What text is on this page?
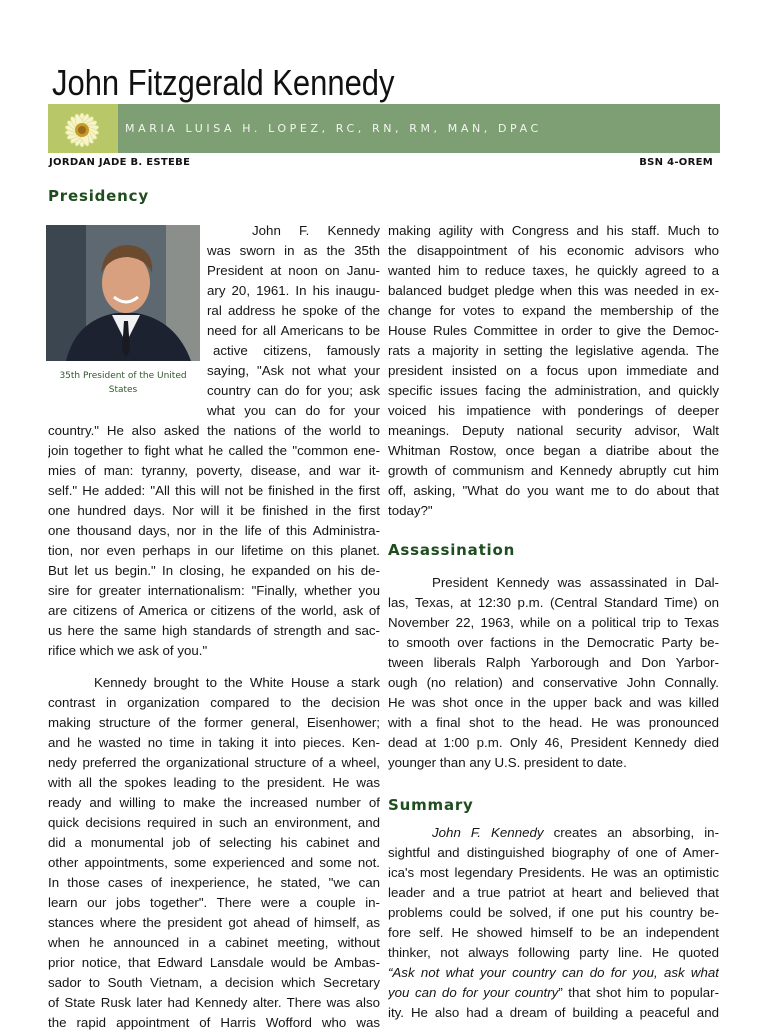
John Fitzgerald Kennedy
MARIA LUISA H. LOPEZ, RC, RN, RM, MAN, DPAC
JORDAN JADE B. ESTEBE	BSN 4-OREM
Presidency
35th President of the United States
John F. Kennedy
was sworn in as the 35th
President at noon on Janu-
ary 20, 1961. In his inaugu-
ral address he spoke of the
need for all Americans to be
active citizens, famously
saying, "Ask not what your
country can do for you; ask
what you can do for your
country." He also asked the nations of the world to
join together to fight what he called the "common ene-
mies of man: tyranny, poverty, disease, and war it-
self." He added: "All this will not be finished in the first
one hundred days. Nor will it be finished in the first
one thousand days, nor in the life of this Administra-
tion, nor even perhaps in our lifetime on this planet.
But let us begin." In closing, he expanded on his de-
sire for greater internationalism: "Finally, whether you
are citizens of America or citizens of the world, ask of
us here the same high standards of strength and sac-
rifice which we ask of you."
Kennedy brought to the White House a stark
contrast in organization compared to the decision
making structure of the former general, Eisenhower;
and he wasted no time in taking it into pieces. Ken-
nedy preferred the organizational structure of a wheel,
with all the spokes leading to the president. He was
ready and willing to make the increased number of
quick decisions required in such an environment, and
did a monumental job of selecting his cabinet and
other appointments, some experienced and some not.
In those cases of inexperience, he stated, "we can
learn our jobs together". There were a couple in-
stances where the president got ahead of himself, as
when he announced in a cabinet meeting, without
prior notice, that Edward Lansdale would be Ambas-
sador to South Vietnam, a decision which Secretary
of State Rusk later had Kennedy alter. There was also
the rapid appointment of Harris Wofford who was
making agility with Congress and his staff. Much to
the disappointment of his economic advisors who
wanted him to reduce taxes, he quickly agreed to a
balanced budget pledge when this was needed in ex-
change for votes to expand the membership of the
House Rules Committee in order to give the Democ-
rats a majority in setting the legislative agenda. The
president insisted on a focus upon immediate and
specific issues facing the administration, and quickly
voiced his impatience with ponderings of deeper
meanings. Deputy national security advisor, Walt
Whitman Rostow, once began a diatribe about the
growth of communism and Kennedy abruptly cut him
off, asking, "What do you want me to do about that
today?"
Assassination
President Kennedy was assassinated in Dal-
las, Texas, at 12:30 p.m. (Central Standard Time) on
November 22, 1963, while on a political trip to Texas
to smooth over factions in the Democratic Party be-
tween liberals Ralph Yarborough and Don Yarbor-
ough (no relation) and conservative John Connally.
He was shot once in the upper back and was killed
with a final shot to the head. He was pronounced
dead at 1:00 p.m. Only 46, President Kennedy died
younger than any U.S. president to date.
Summary
John F. Kennedy creates an absorbing, in-
sightful and distinguished biography of one of Amer-
ica's most legendary Presidents. He was an optimistic
leader and a true patriot at heart and believed that
problems could be solved, if one put his country be-
fore self. He showed himself to be an independent
thinker, not always following party line. He quoted
“Ask not what your country can do for you, ask what
you can do for your country” that shot him to popular-
ity. He also had a dream of building a peaceful and
